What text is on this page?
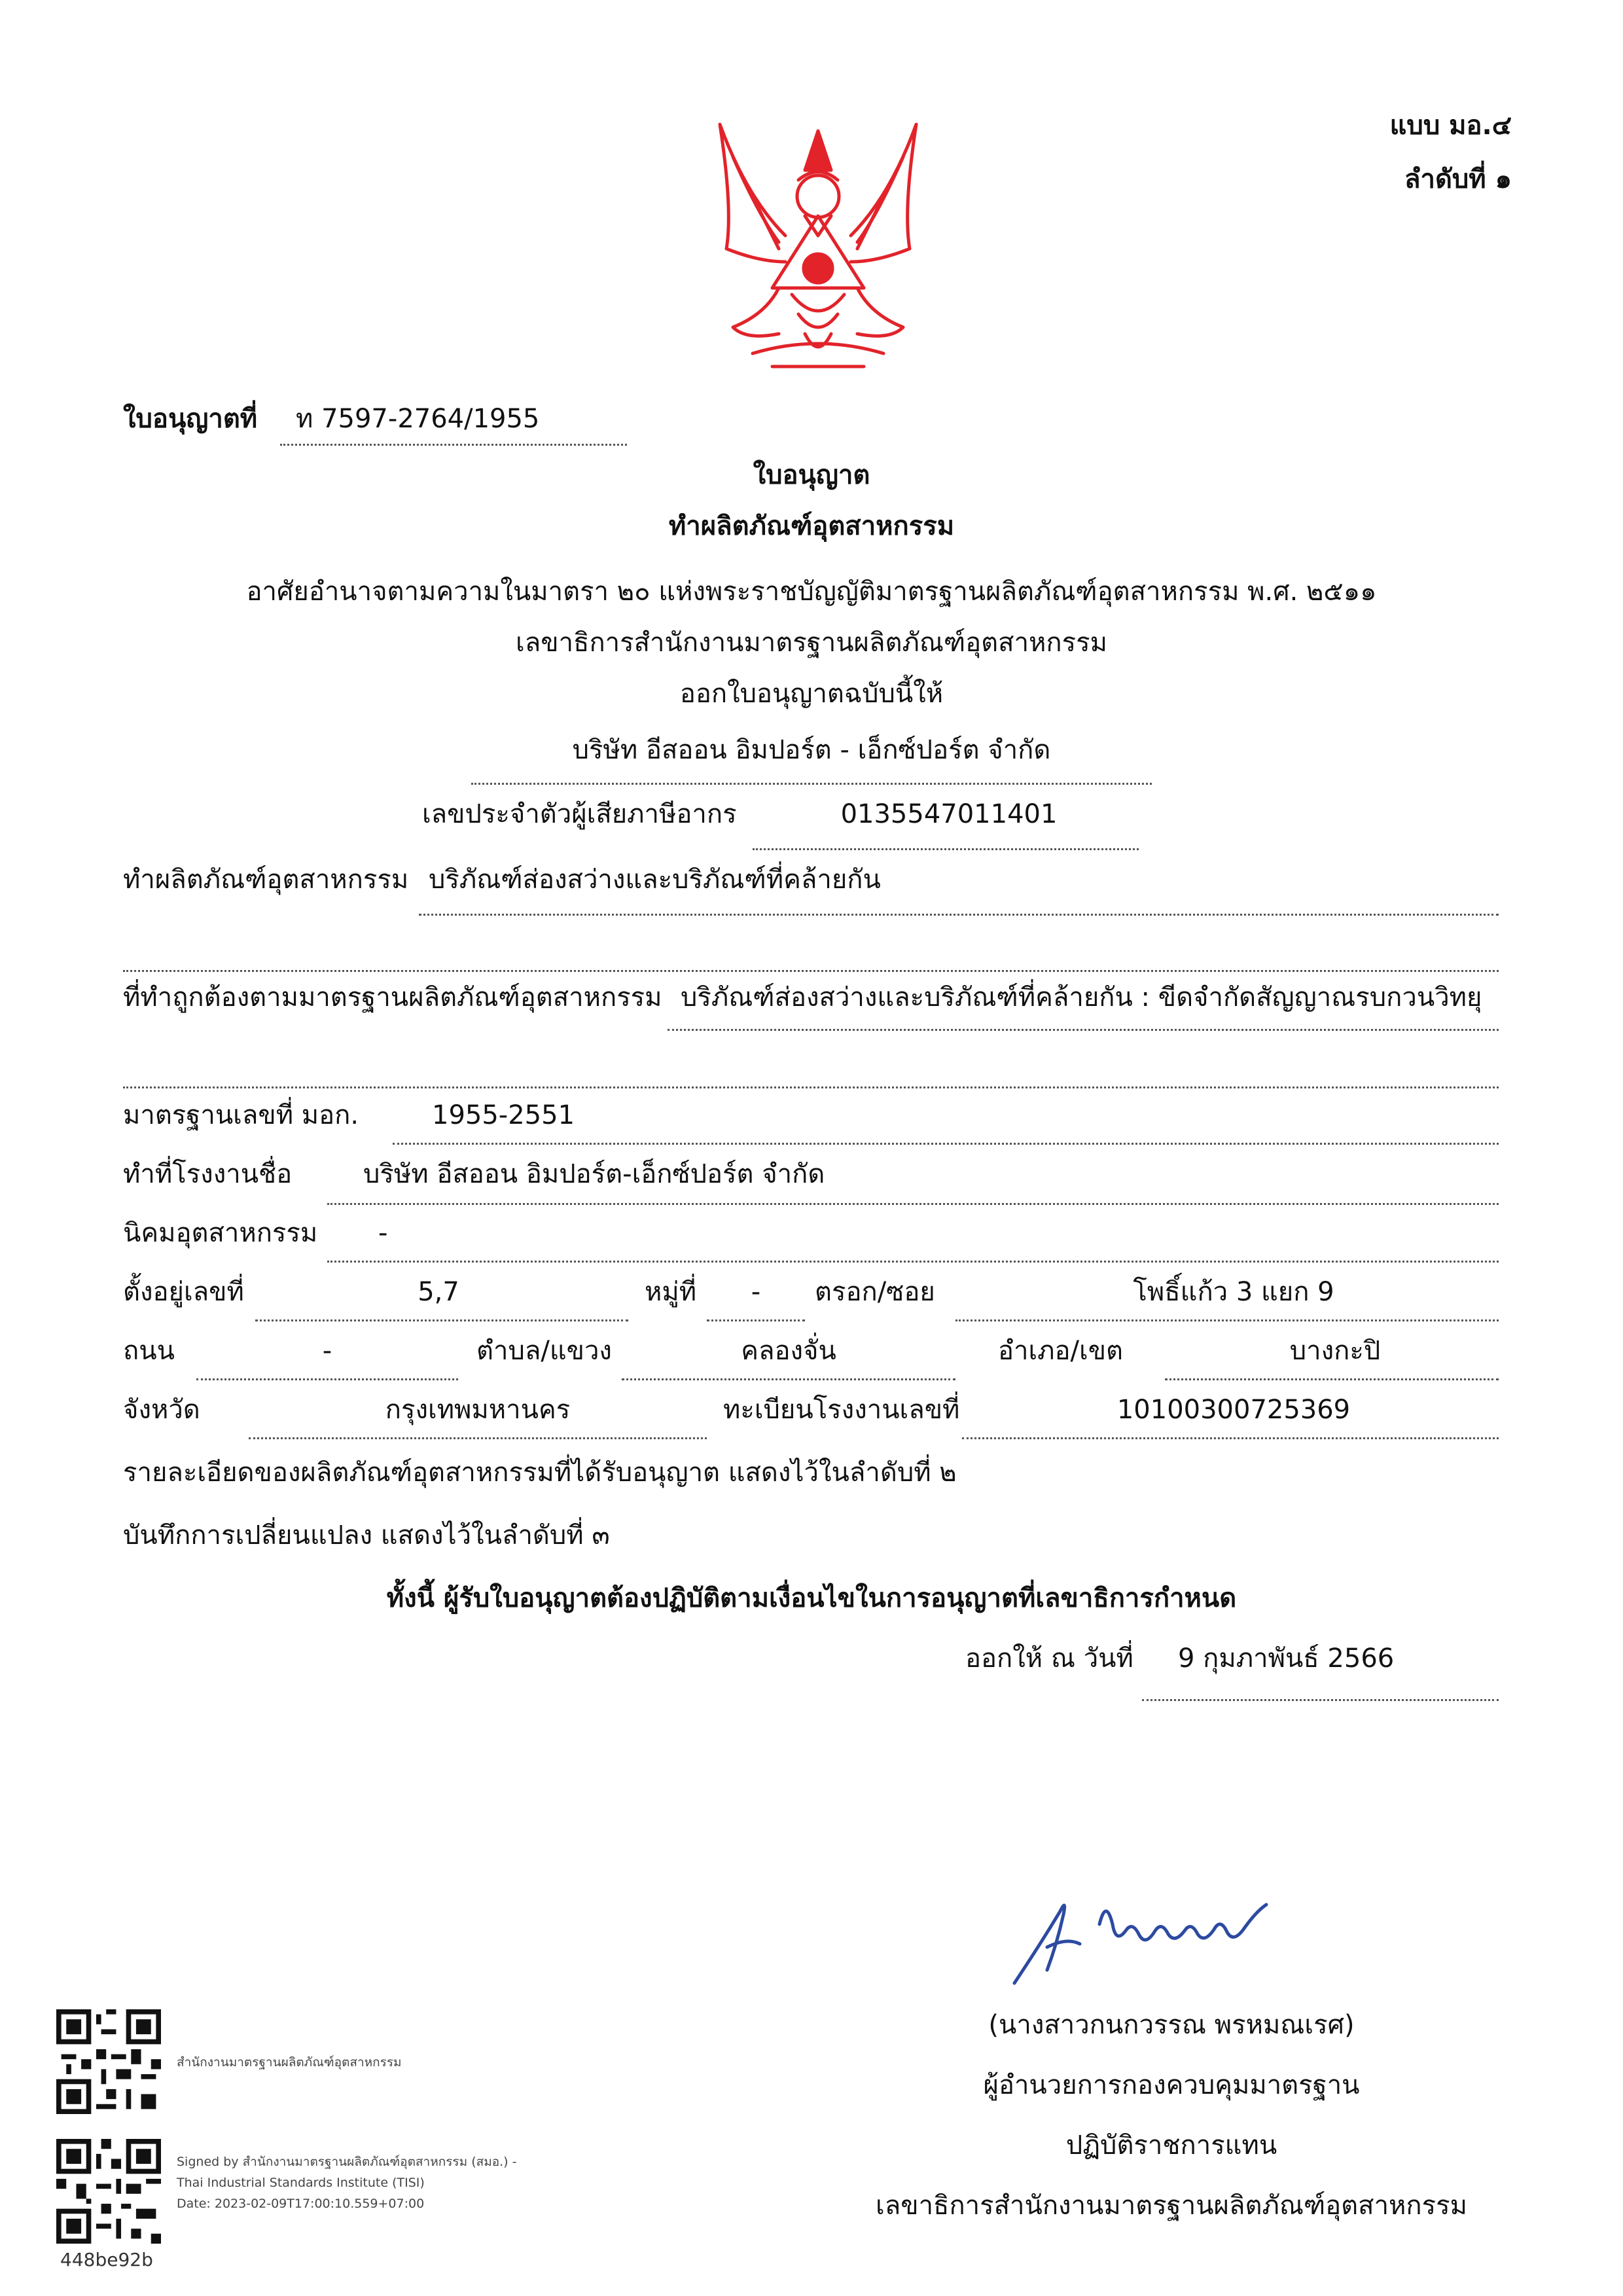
แบบ มอ.๔
ลำดับที่ ๑
ใบอนุญาตที่ ท 7597-2764/1955
ใบอนุญาต
ทำผลิตภัณฑ์อุตสาหกรรม
อาศัยอำนาจตามความในมาตรา ๒๐ แห่งพระราชบัญญัติมาตรฐานผลิตภัณฑ์อุตสาหกรรม พ.ศ. ๒๕๑๑
เลขาธิการสำนักงานมาตรฐานผลิตภัณฑ์อุตสาหกรรม
ออกใบอนุญาตฉบับนี้ให้
บริษัท อีสออน อิมปอร์ต - เอ็กซ์ปอร์ต จำกัด
เลขประจำตัวผู้เสียภาษีอากร	0135547011401
ทำผลิตภัณฑ์อุตสาหกรรม บริภัณฑ์ส่องสว่างและบริภัณฑ์ที่คล้ายกัน
ที่ทำถูกต้องตามมาตรฐานผลิตภัณฑ์อุตสาหกรรม บริภัณฑ์ส่องสว่างและบริภัณฑ์ที่คล้ายกัน : ขีดจำกัดสัญญาณรบกวนวิทยุ
มาตรฐานเลขที่ มอก.	1955-2551
ทำที่โรงงานชื่อ	บริษัท อีสออน อิมปอร์ต-เอ็กซ์ปอร์ต จำกัด
นิคมอุตสาหกรรม -
ตั้งอยู่เลขที่	5,7	หมู่ที่	-	ตรอก/ซอย	โพธิ์แก้ว 3 แยก 9
ถนน	-	ตำบล/แขวง	คลองจั่น	อำเภอ/เขต	บางกะปิ
จังหวัด	กรุงเทพมหานคร	ทะเบียนโรงงานเลขที่	10100300725369
รายละเอียดของผลิตภัณฑ์อุตสาหกรรมที่ได้รับอนุญาต แสดงไว้ในลำดับที่ ๒
บันทึกการเปลี่ยนแปลง แสดงไว้ในลำดับที่ ๓
ทั้งนี้ ผู้รับใบอนุญาตต้องปฏิบัติตามเงื่อนไขในการอนุญาตที่เลขาธิการกำหนด
ออกให้ ณ วันที่ 9 กุมภาพันธ์ 2566
(นางสาวกนกวรรณ พรหมณเรศ)
ผู้อำนวยการกองควบคุมมาตรฐาน
ปฏิบัติราชการแทน
เลขาธิการสำนักงานมาตรฐานผลิตภัณฑ์อุตสาหกรรม
สำนักงานมาตรฐานผลิตภัณฑ์อุตสาหกรรม
Signed by สำนักงานมาตรฐานผลิตภัณฑ์อุตสาหกรรม (สมอ.) -
Thai Industrial Standards Institute (TISI)
Date: 2023-02-09T17:00:10.559+07:00
448be92b
